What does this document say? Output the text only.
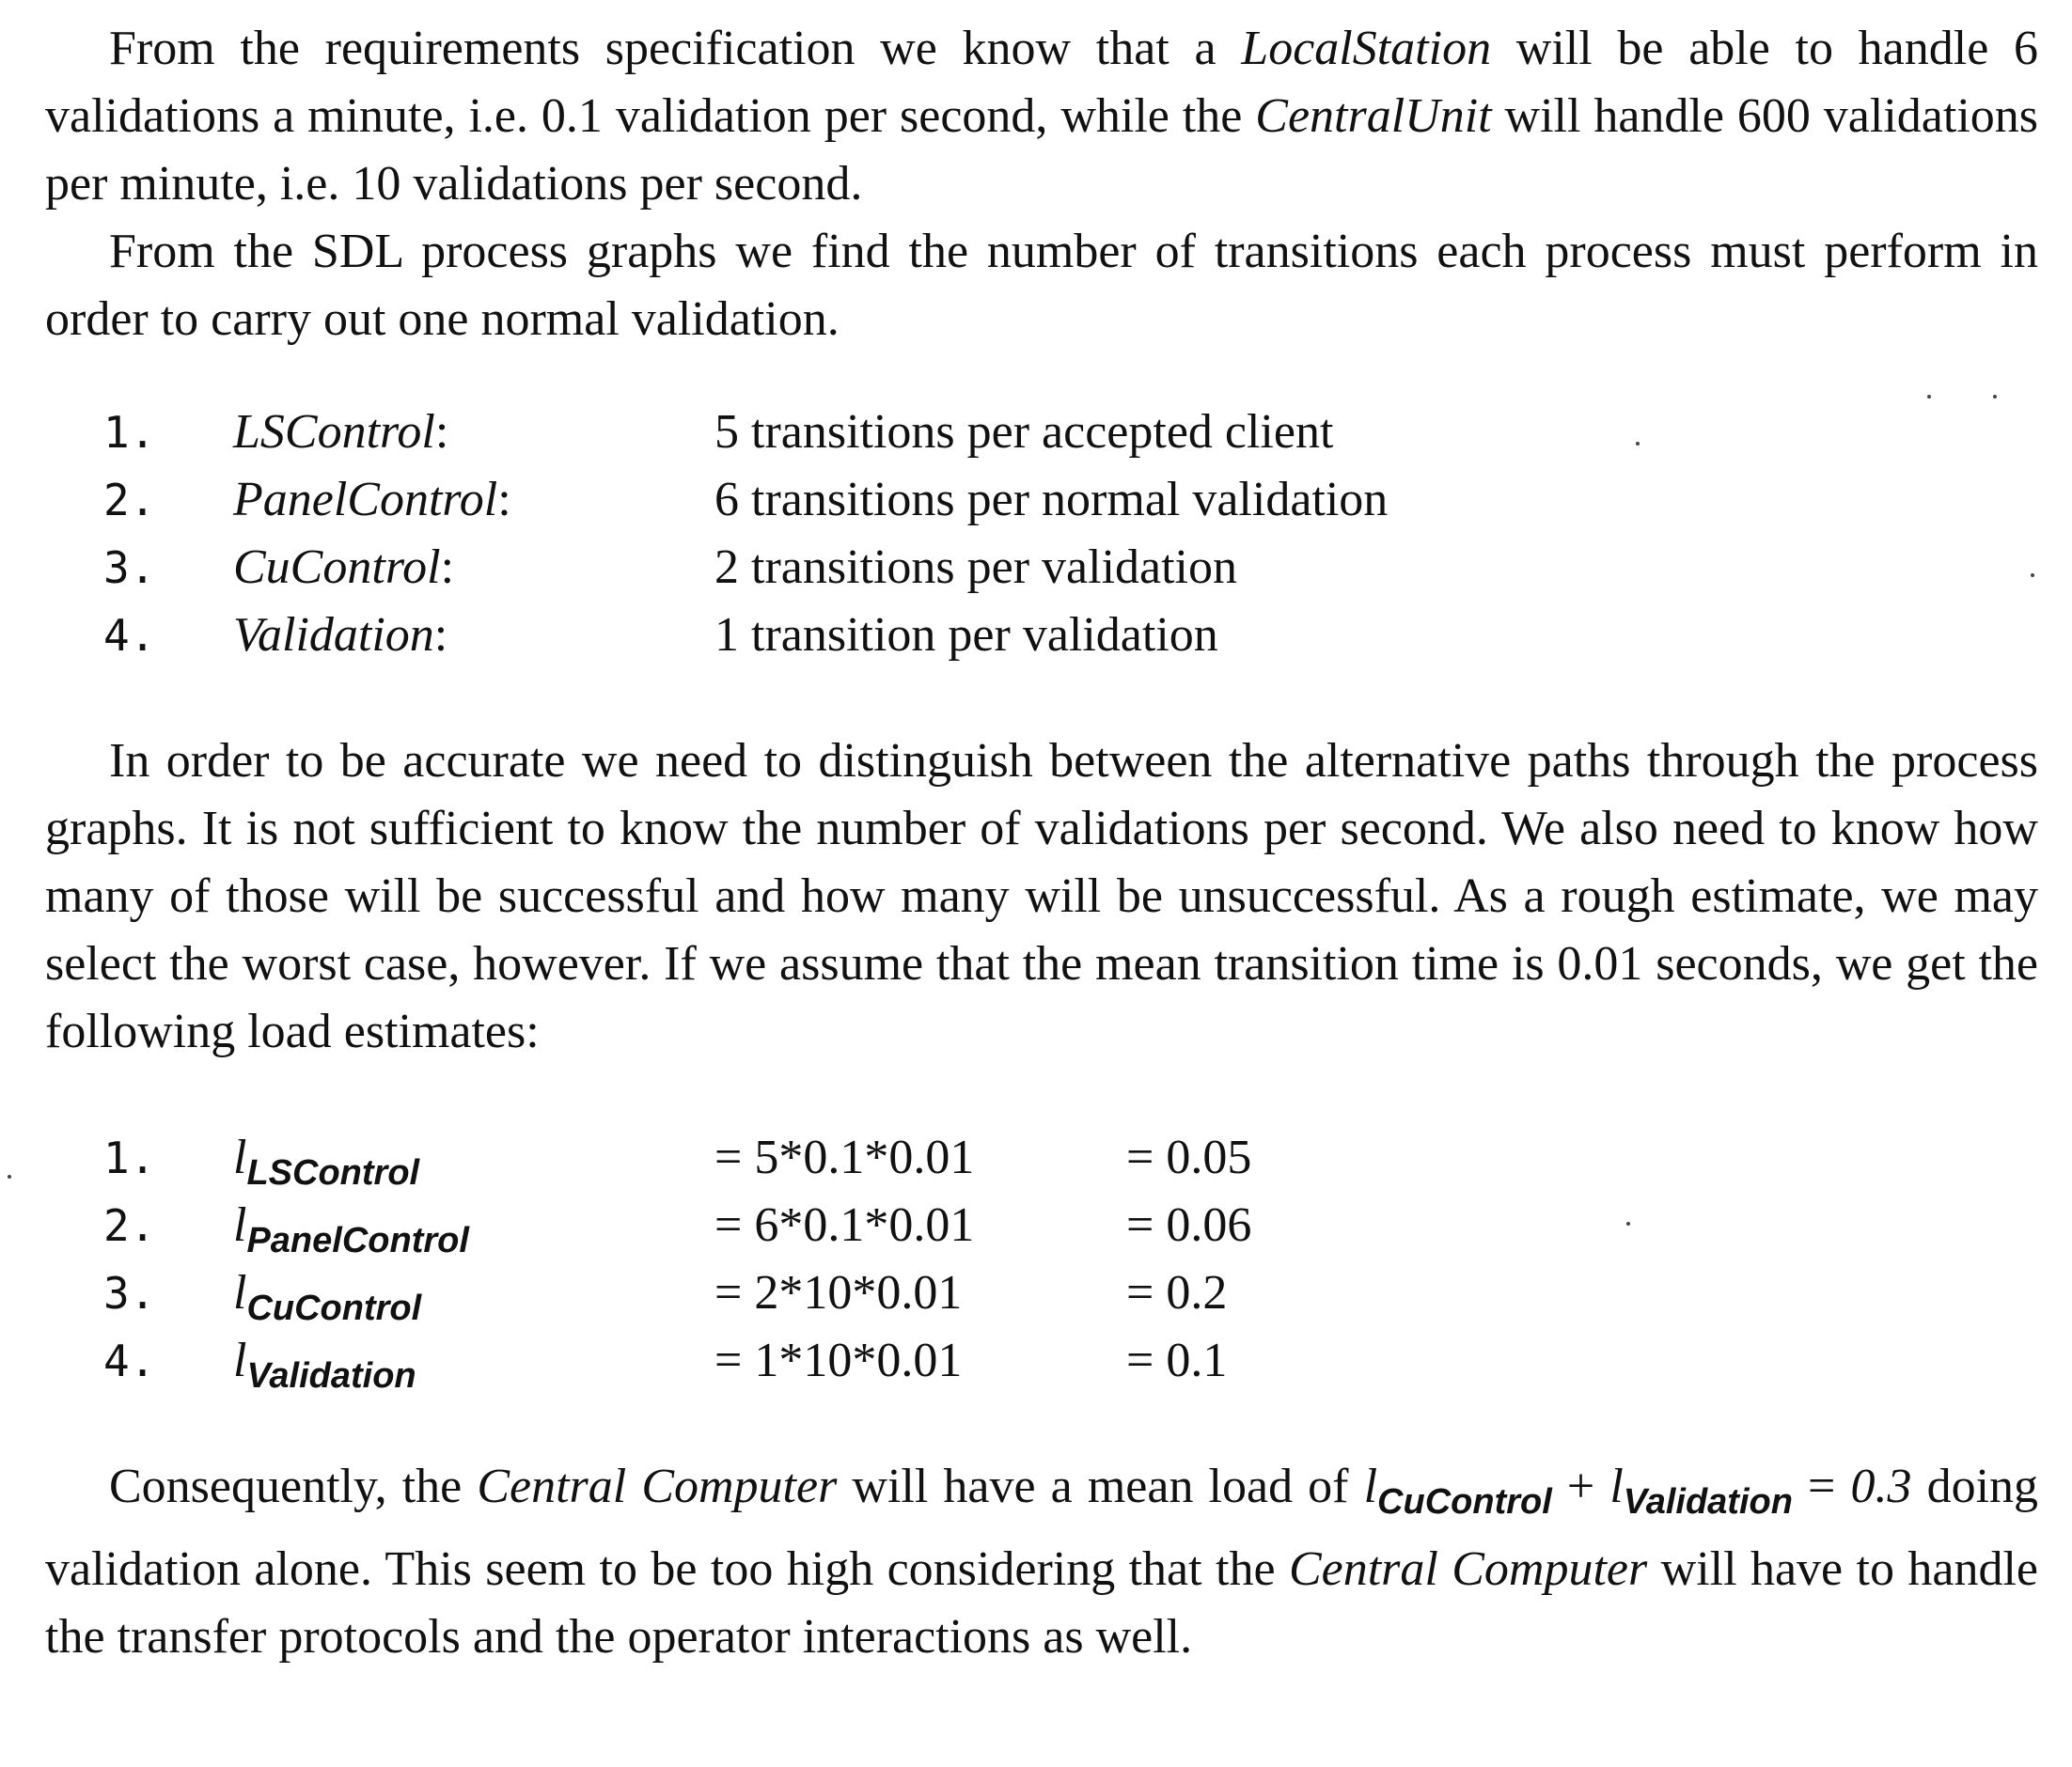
From the requirements specification we know that a LocalStation will be able to handle 6 validations a minute, i.e. 0.1 validation per second, while the CentralUnit will handle 600 validations per minute, i.e. 10 validations per second.

From the SDL process graphs we find the number of transitions each process must perform in order to carry out one normal validation.

1. LSControl:	5 transitions per accepted client
2. PanelControl:	6 transitions per normal validation
3. CuControl:	2 transitions per validation
4. Validation:	1 transition per validation

In order to be accurate we need to distinguish between the alternative paths through the process graphs. It is not sufficient to know the number of validations per second. We also need to know how many of those will be successful and how many will be unsuccessful. As a rough estimate, we may select the worst case, however. If we assume that the mean transition time is 0.01 seconds, we get the following load estimates:

1. $l_{LSControl}$	= 5*0.1*0.01	= 0.05
2. $l_{PanelControl}$	= 6*0.1*0.01	= 0.06
3. $l_{CuControl}$	= 2*10*0.01	= 0.2
4. $l_{Validation}$	= 1*10*0.01	= 0.1

Consequently, the Central Computer will have a mean load of $l_{CuControl} + l_{Validation} = 0.3$ doing validation alone. This seem to be too high considering that the Central Computer will have to handle the transfer protocols and the operator interactions as well.
